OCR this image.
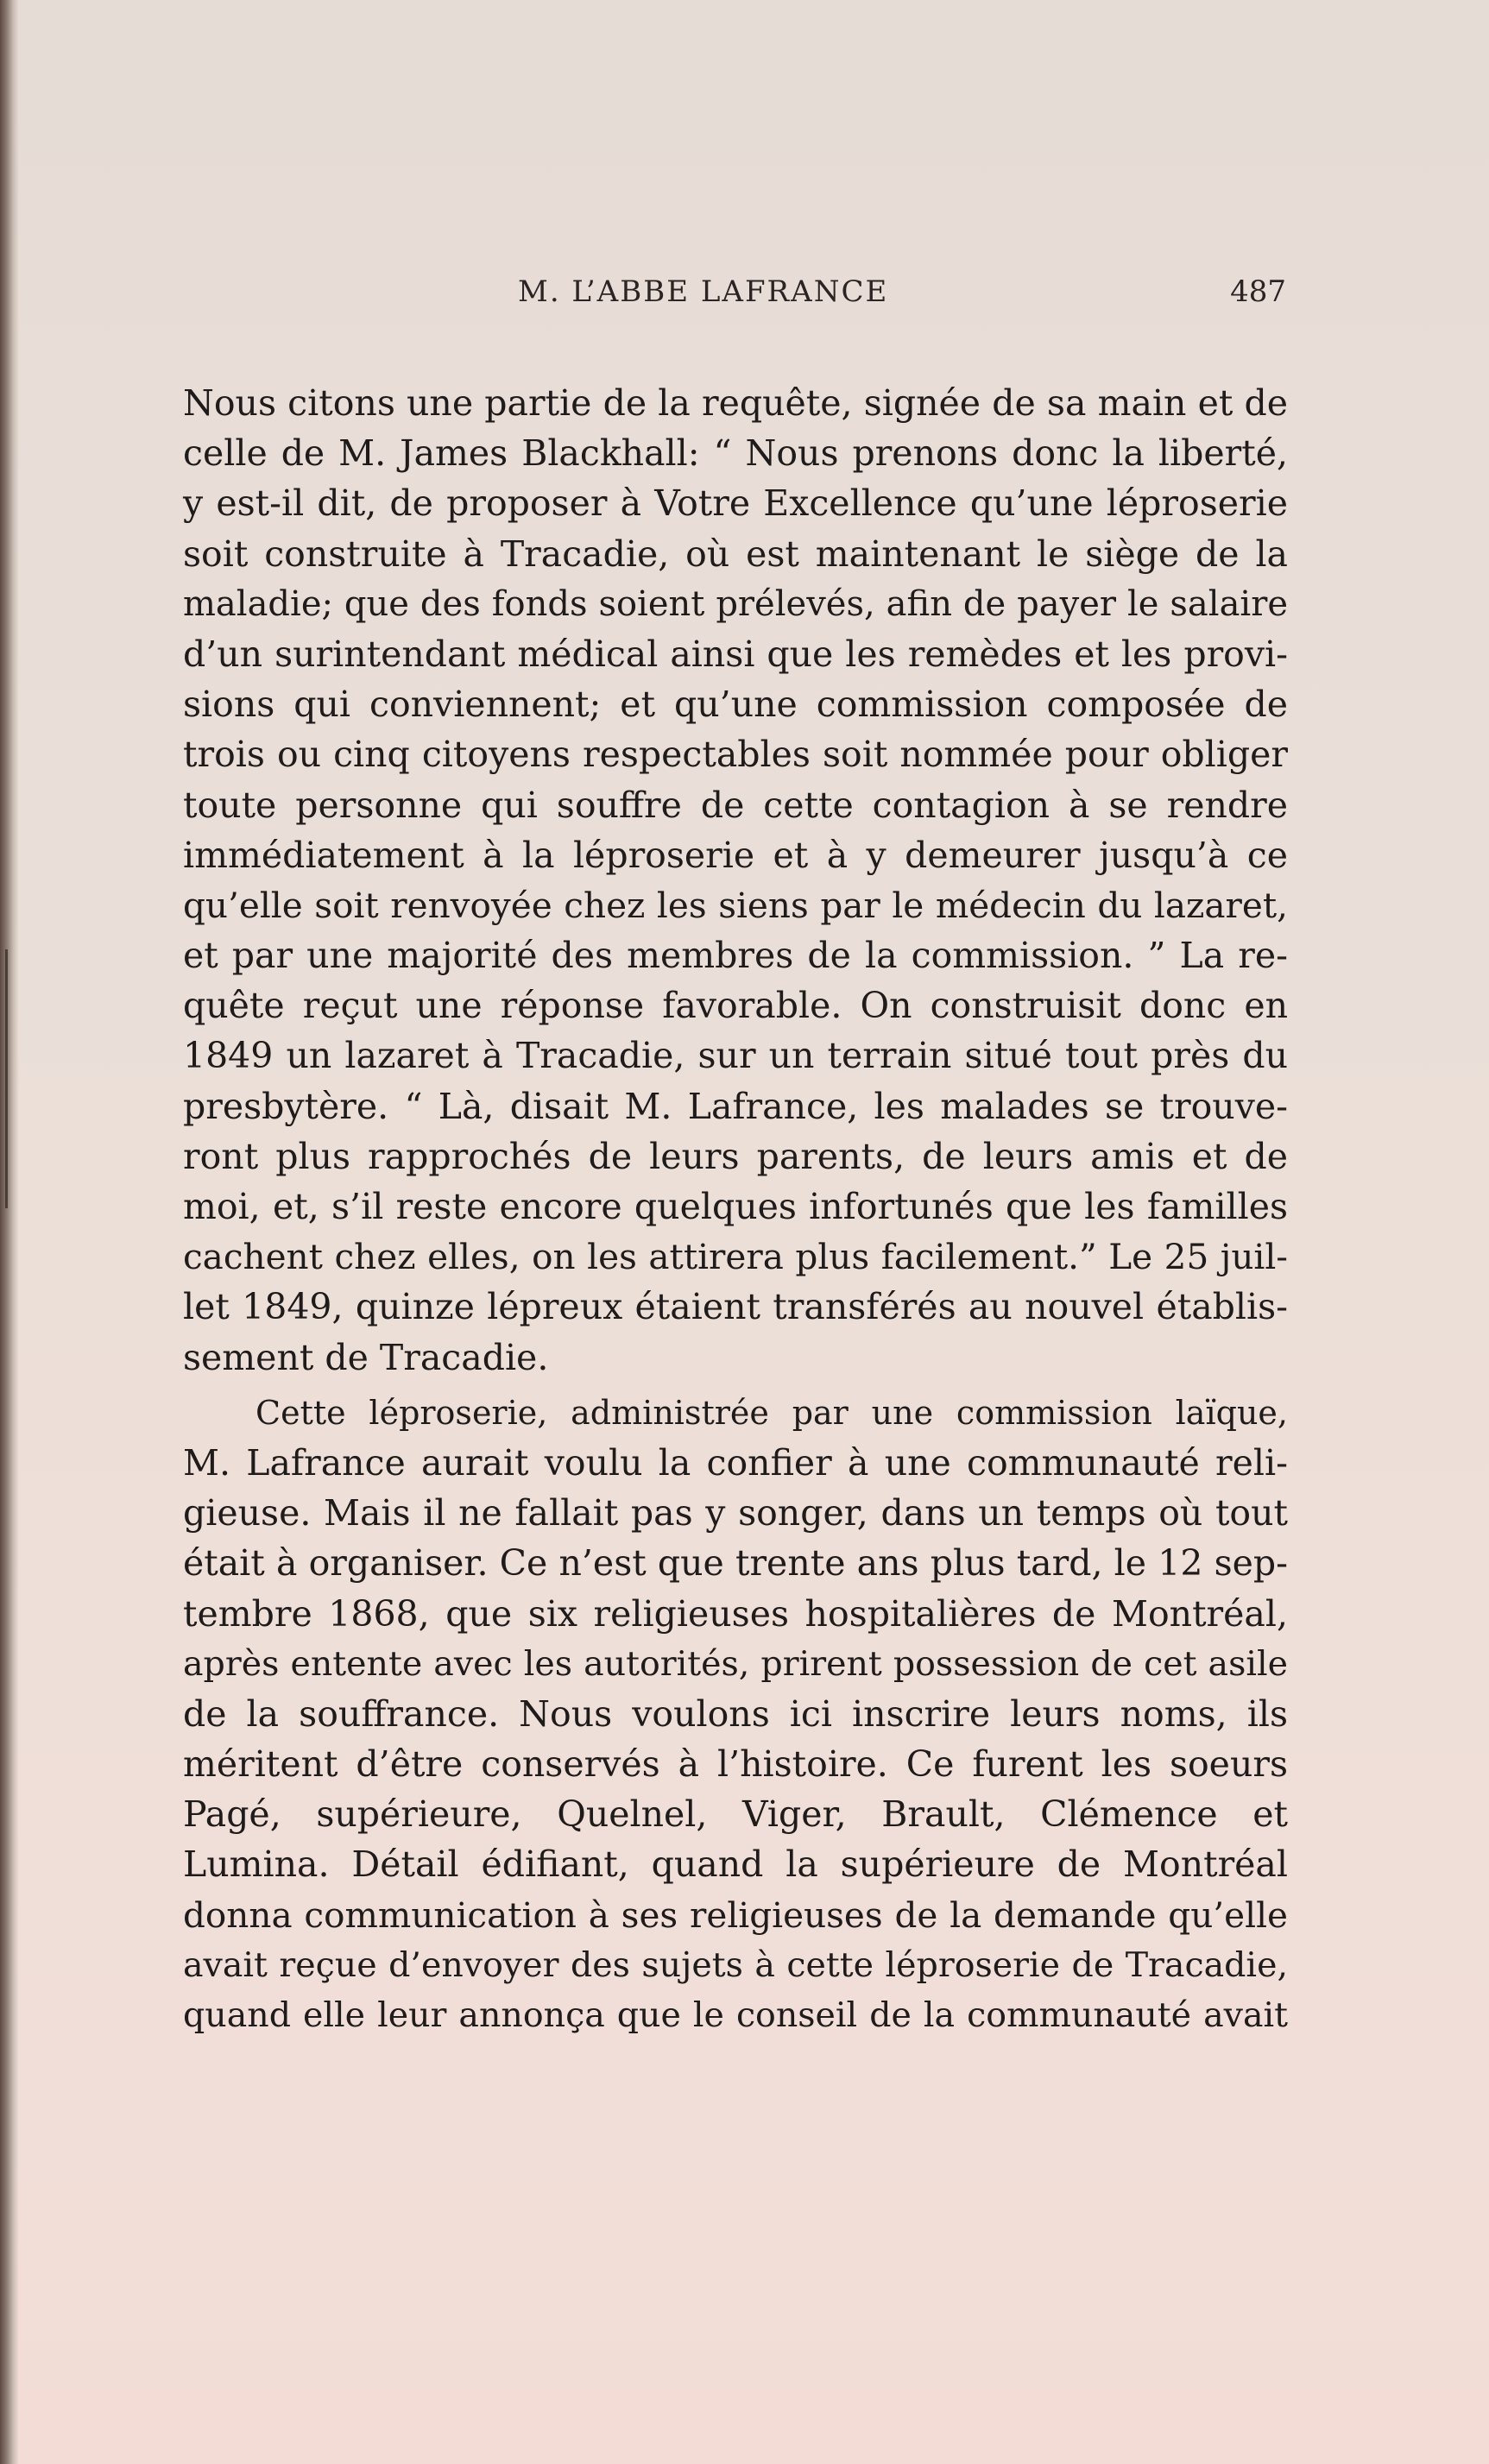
M. L’ABBE LAFRANCE	487
Nous citons une partie de la requête, signée de sa main et de
celle de M. James Blackhall: “ Nous prenons donc la liberté,
y est-il dit, de proposer à Votre Excellence qu’une léproserie
soit construite à Tracadie, où est maintenant le siège de la
maladie; que des fonds soient prélevés, afin de payer le salaire
d’un surintendant médical ainsi que les remèdes et les provi-
sions qui conviennent; et qu’une commission composée de
trois ou cinq citoyens respectables soit nommée pour obliger
toute personne qui souffre de cette contagion à se rendre
immédiatement à la léproserie et à y demeurer jusqu’à ce
qu’elle soit renvoyée chez les siens par le médecin du lazaret,
et par une majorité des membres de la commission. ” La re-
quête reçut une réponse favorable. On construisit donc en
1849 un lazaret à Tracadie, sur un terrain situé tout près du
presbytère. “ Là, disait M. Lafrance, les malades se trouve-
ront plus rapprochés de leurs parents, de leurs amis et de
moi, et, s’il reste encore quelques infortunés que les familles
cachent chez elles, on les attirera plus facilement.” Le 25 juil-
let 1849, quinze lépreux étaient transférés au nouvel établis-
sement de Tracadie.
Cette léproserie, administrée par une commission laïque,
M. Lafrance aurait voulu la confier à une communauté reli-
gieuse. Mais il ne fallait pas y songer, dans un temps où tout
était à organiser. Ce n’est que trente ans plus tard, le 12 sep-
tembre 1868, que six religieuses hospitalières de Montréal,
après entente avec les autorités, prirent possession de cet asile
de la souffrance. Nous voulons ici inscrire leurs noms, ils
méritent d’être conservés à l’histoire. Ce furent les soeurs
Pagé, supérieure, Quelnel, Viger, Brault, Clémence et
Lumina. Détail édifiant, quand la supérieure de Montréal
donna communication à ses religieuses de la demande qu’elle
avait reçue d’envoyer des sujets à cette léproserie de Tracadie,
quand elle leur annonça que le conseil de la communauté avait
